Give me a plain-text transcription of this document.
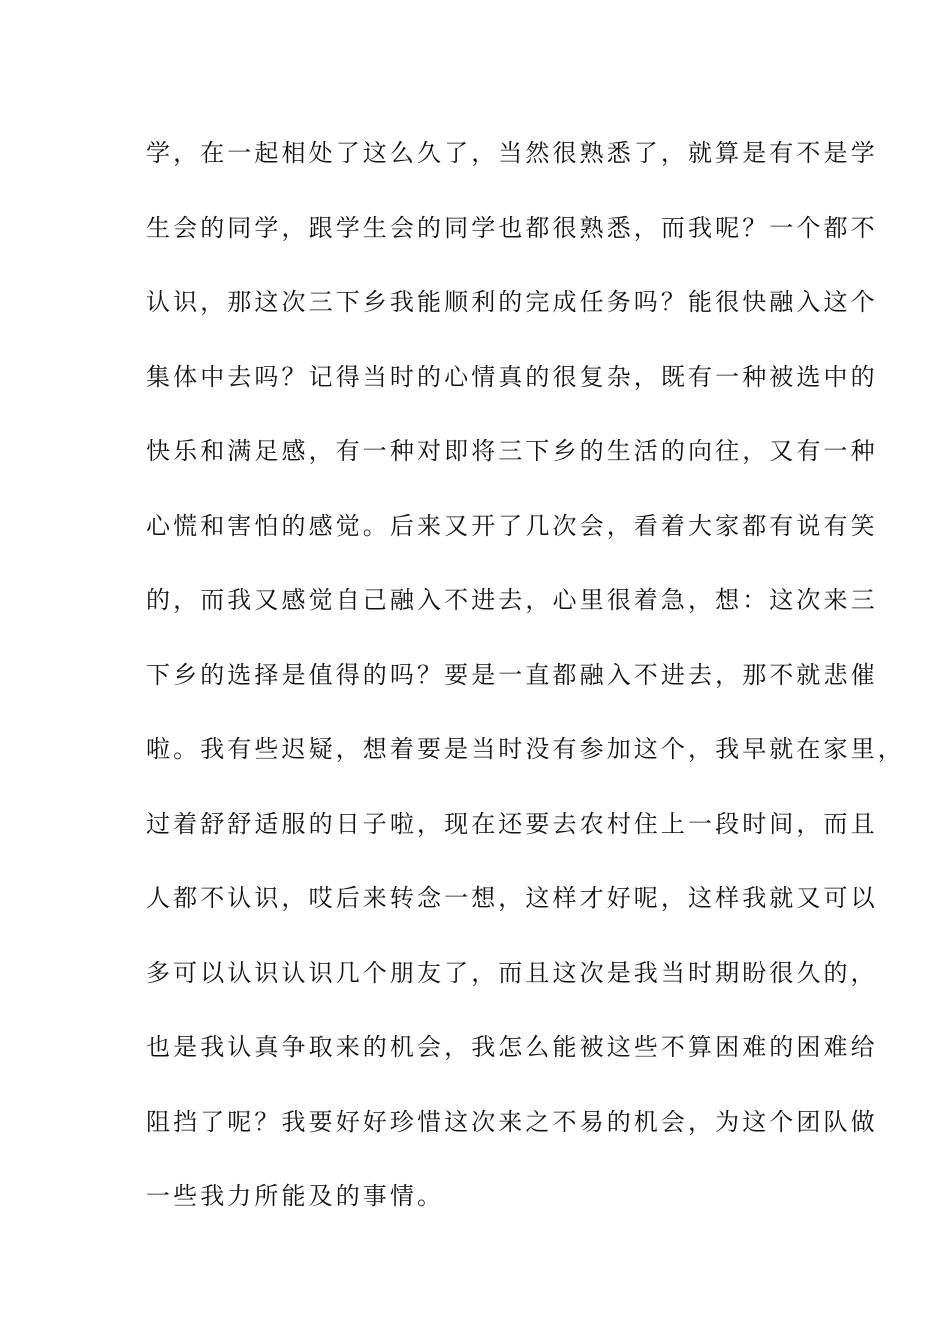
学，在一起相处了这么久了，当然很熟悉了，就算是有不是学
生会的同学，跟学生会的同学也都很熟悉，而我呢？一个都不
认识，那这次三下乡我能顺利的完成任务吗？能很快融入这个
集体中去吗？记得当时的心情真的很复杂，既有一种被选中的
快乐和满足感，有一种对即将三下乡的生活的向往，又有一种
心慌和害怕的感觉。后来又开了几次会，看着大家都有说有笑
的，而我又感觉自己融入不进去，心里很着急，想：这次来三
下乡的选择是值得的吗？要是一直都融入不进去，那不就悲催
啦。我有些迟疑，想着要是当时没有参加这个，我早就在家里，
过着舒舒适服的日子啦，现在还要去农村住上一段时间，而且
人都不认识，哎后来转念一想，这样才好呢，这样我就又可以
多可以认识认识几个朋友了，而且这次是我当时期盼很久的，
也是我认真争取来的机会，我怎么能被这些不算困难的困难给
阻挡了呢？我要好好珍惜这次来之不易的机会，为这个团队做
一些我力所能及的事情。
